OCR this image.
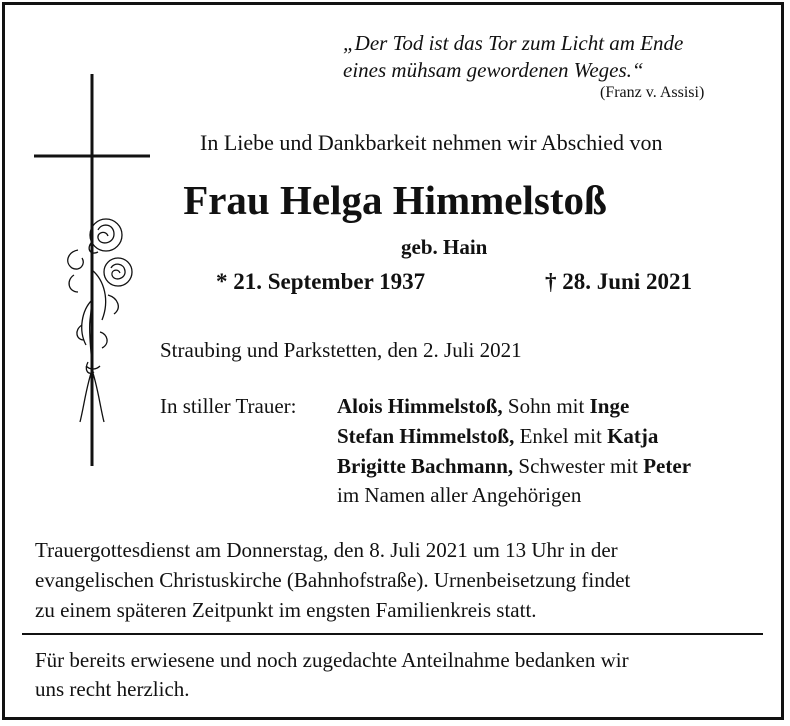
„Der Tod ist das Tor zum Licht am Ende
eines mühsam gewordenen Weges.“
(Franz v. Assisi)
In Liebe und Dankbarkeit nehmen wir Abschied von
Frau Helga Himmelstoß
geb. Hain
* 21. September 1937	† 28. Juni 2021
Straubing und Parkstetten, den 2. Juli 2021
In stiller Trauer: Alois Himmelstoß, Sohn mit Inge
Stefan Himmelstoß, Enkel mit Katja
Brigitte Bachmann, Schwester mit Peter
im Namen aller Angehörigen
Trauergottesdienst am Donnerstag, den 8. Juli 2021 um 13 Uhr in der
evangelischen Christuskirche (Bahnhofstraße). Urnenbeisetzung findet
zu einem späteren Zeitpunkt im engsten Familienkreis statt.
Für bereits erwiesene und noch zugedachte Anteilnahme bedanken wir
uns recht herzlich.
